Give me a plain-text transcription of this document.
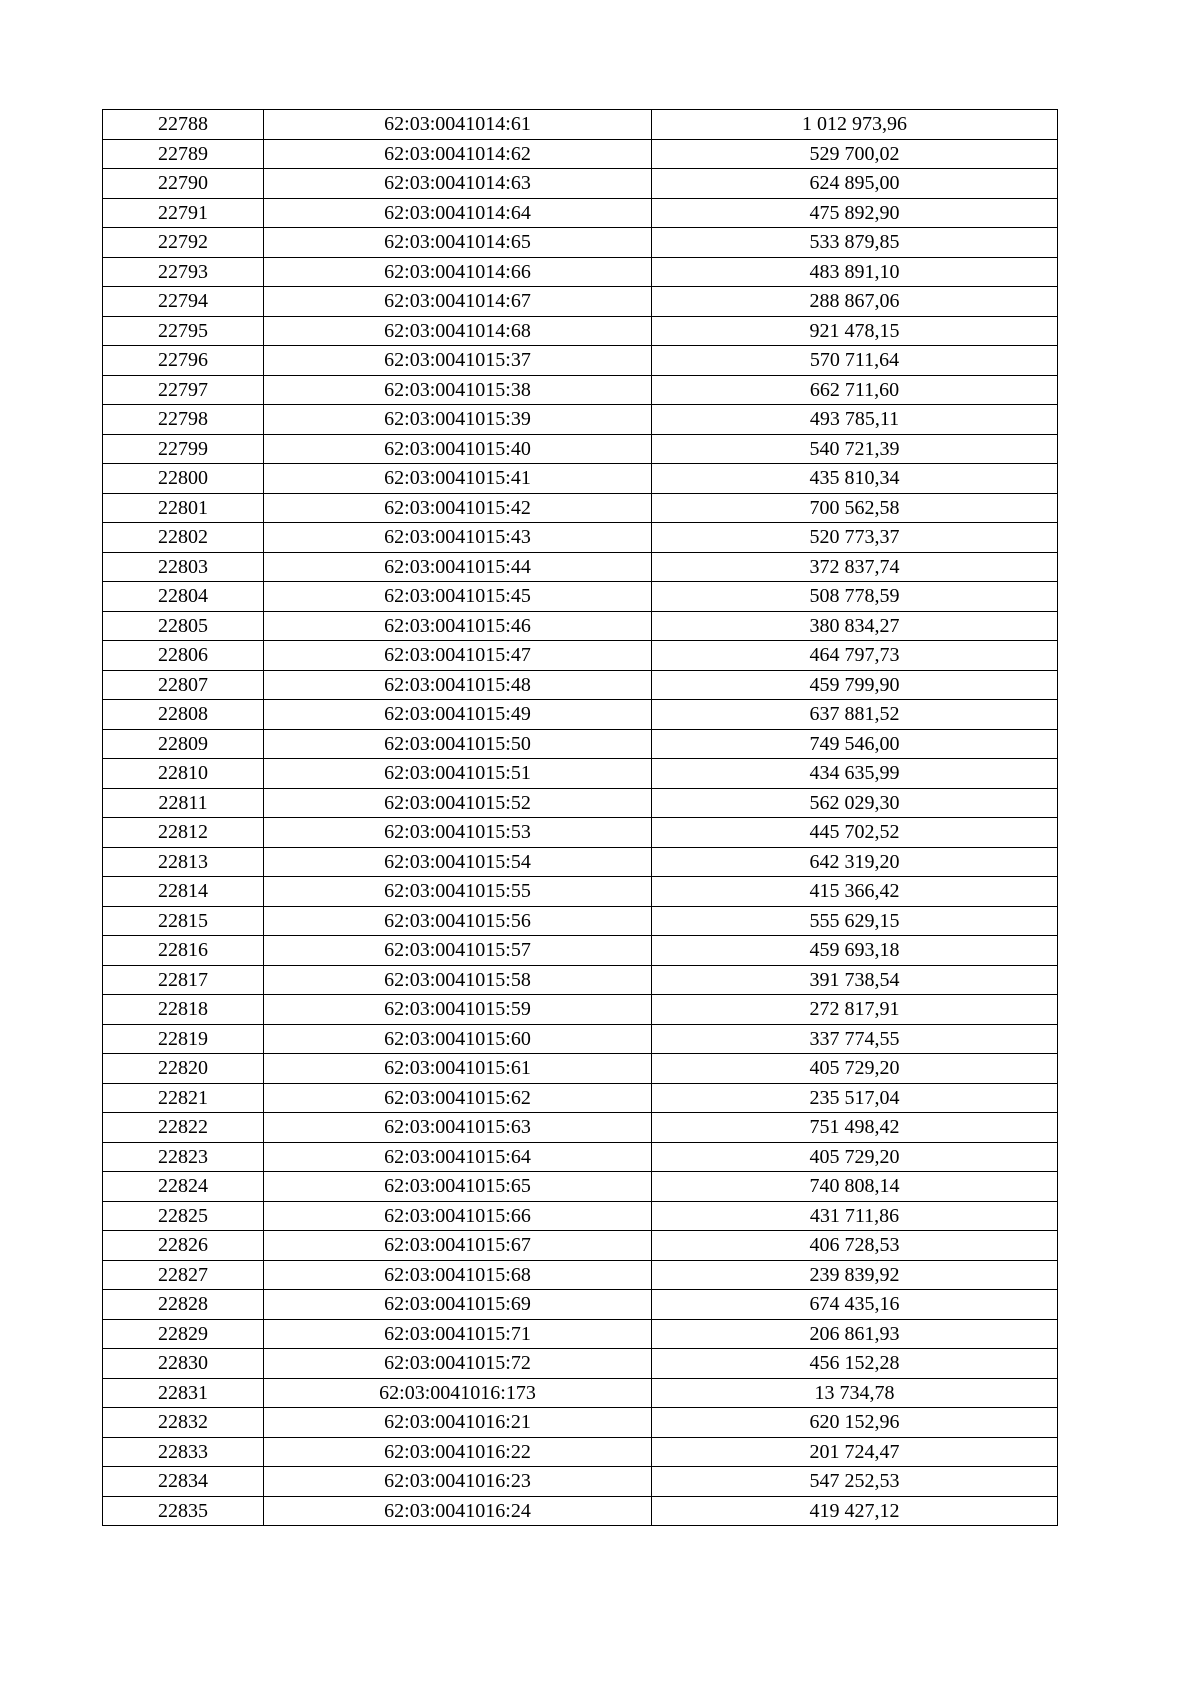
22788	62:03:0041014:61	1 012 973,96
22789	62:03:0041014:62	529 700,02
22790	62:03:0041014:63	624 895,00
22791	62:03:0041014:64	475 892,90
22792	62:03:0041014:65	533 879,85
22793	62:03:0041014:66	483 891,10
22794	62:03:0041014:67	288 867,06
22795	62:03:0041014:68	921 478,15
22796	62:03:0041015:37	570 711,64
22797	62:03:0041015:38	662 711,60
22798	62:03:0041015:39	493 785,11
22799	62:03:0041015:40	540 721,39
22800	62:03:0041015:41	435 810,34
22801	62:03:0041015:42	700 562,58
22802	62:03:0041015:43	520 773,37
22803	62:03:0041015:44	372 837,74
22804	62:03:0041015:45	508 778,59
22805	62:03:0041015:46	380 834,27
22806	62:03:0041015:47	464 797,73
22807	62:03:0041015:48	459 799,90
22808	62:03:0041015:49	637 881,52
22809	62:03:0041015:50	749 546,00
22810	62:03:0041015:51	434 635,99
22811	62:03:0041015:52	562 029,30
22812	62:03:0041015:53	445 702,52
22813	62:03:0041015:54	642 319,20
22814	62:03:0041015:55	415 366,42
22815	62:03:0041015:56	555 629,15
22816	62:03:0041015:57	459 693,18
22817	62:03:0041015:58	391 738,54
22818	62:03:0041015:59	272 817,91
22819	62:03:0041015:60	337 774,55
22820	62:03:0041015:61	405 729,20
22821	62:03:0041015:62	235 517,04
22822	62:03:0041015:63	751 498,42
22823	62:03:0041015:64	405 729,20
22824	62:03:0041015:65	740 808,14
22825	62:03:0041015:66	431 711,86
22826	62:03:0041015:67	406 728,53
22827	62:03:0041015:68	239 839,92
22828	62:03:0041015:69	674 435,16
22829	62:03:0041015:71	206 861,93
22830	62:03:0041015:72	456 152,28
22831	62:03:0041016:173	13 734,78
22832	62:03:0041016:21	620 152,96
22833	62:03:0041016:22	201 724,47
22834	62:03:0041016:23	547 252,53
22835	62:03:0041016:24	419 427,12
